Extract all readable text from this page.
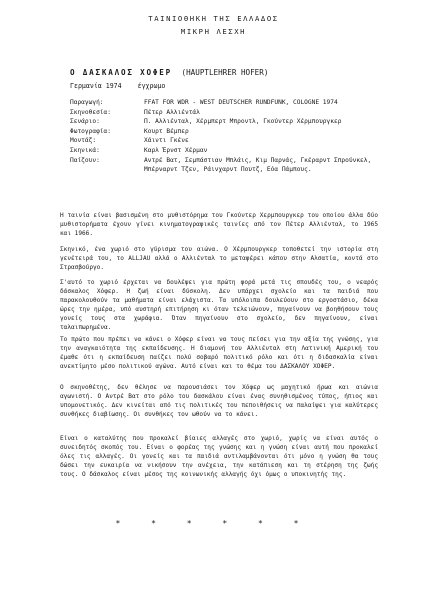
ΤΑΙΝΙΟΘΗΚΗ ΤΗΣ ΕΛΛΑΔΟΣ
ΜΙΚΡΗ ΛΕΣΧΗ
Ο ΔΑΣΚΑΛΟΣ ΧΟΦΕΡ (HAUPTLEHRER HOFER)
Γερμανία 1974 έγχρωμο
Παραγωγή:	FFAT FOR WDR - WEST DEUTSCHER RUNDFUNK, COLOGNE 1974
Σκηνοθεσία:	Πέτερ Αλλιέντάλ
Σενάριο:	Π. Αλλιένταλ, Χέρμπερτ Μπροντλ, Γκούντερ Χέρμπουργκερ
Φωτογραφία:	Κουρτ Βέμπερ
Μοντάζ:	Χάιντι Γκένε
Σκηνικά:	Καρλ Έρνστ Χέρμαν
Παίζουν:	Αντρέ Βατ, Σεμπάστιαν Μπλάις, Κιμ Παρνάς, Γκέραρντ Σπρούνκελ,
Μπέρναρντ Τζεν, Ράινχαρντ Πουτζ, Εόα Πάμπους.
Η ταινία είναι βασισμένη στο μυθιστόρημα του Γκούντερ Χερμπουργκερ του οποίου άλλα δύο μυθιστορήματα έχουν γίνει κινηματογραφικές ταινίες από τον Πέτερ Αλλιένταλ, το 1965 και 1966.
Σκηνικό, ένα χωριό στο γύρισμα του αιώνα. Ο Χέρμπουργκερ τοποθετεί την ιστορία στη γενέτειρά του, το ALLJAU αλλά ο Αλλιένταλ το μεταφέρει κάπου στην Αλσατία, κοντά στο Στρασβούργο.
Σ'αυτό το χωριό έρχεται να δουλέψει για πρώτη φορά μετά τις σπουδές του, ο νεαρός δάσκαλος Χόφερ. Η ζωή είναι δύσκολη. Δεν υπάρχει σχολείο και τα παιδιά που παρακολουθούν τα μαθήματα είναι ελάχιστα. Τα υπόλοιπα δουλεύουν στο εργοστάσιο, δέκα ώρες την ημέρα, υπό αυστηρή επιτήρηση κι όταν τελειώνουν, πηγαίνουν να βοηθήσουν τους γονείς τους στα χωράφια. Όταν πηγαίνουν στο σχολείο, δεν πηγαίνουν, είναι ταλαιπωρημένα.
Το πρώτο που πρέπει να κάνει ο Χόφερ είναι να τους πείσει για την αξία της γνώσης, για την αναγκαιότητα της εκπαίδευσης. Η διαμονή του Αλλιένταλ στη Λατινική Αμερική του έμαθε ότι η εκπαίδευση παίζει πολύ σοβαρό πολιτικό ρόλο και ότι η διδασκαλία είναι ανεκτίμητο μέσο πολιτικού αγώνα. Αυτό είναι και το θέμα του ΔΑΣΚΑΛΟΥ ΧΟΦΕΡ.
Ο σκηνοθέτης, δεν θέλησε να παρουσιάσει τον Χόφερ ως μαχητικό ήρωα και αιώνια αγωνιστή. Ο Αντρέ Βατ στο ρόλο του δασκάλου είναι ένας συνηθισμένος τύπος, ήπιος και υπομονετικός. Δεν κινείται από τις πολιτικές του πεποιθήσεις να παλαίψει για καλύτερες συνθήκες διαβίωσης. Οι συνθήκες τον ωθούν να το κάνει.
Είναι ο καταλύτης που προκαλεί βίαιες αλλαγές στο χωριό, χωρίς να είναι αυτός ο συνειδητός σκοπός του. Είναι ο φορέας της γνώσης και η γνώση είναι αυτή που προκαλεί όλες τις αλλαγές. Οι γονείς και τα παιδιά αντιλαμβάνονται ότι μόνο η γνώση θα τους δώσει την ευκαιρία να νικήσουν την ανέχεια, την κατάπιεση και τη στέρηση της ζωής τους. Ο δάσκαλος είναι μέσος της κοινωνικής αλλαγής όχι όμως ο υποκινητής της.
* * * * * *
